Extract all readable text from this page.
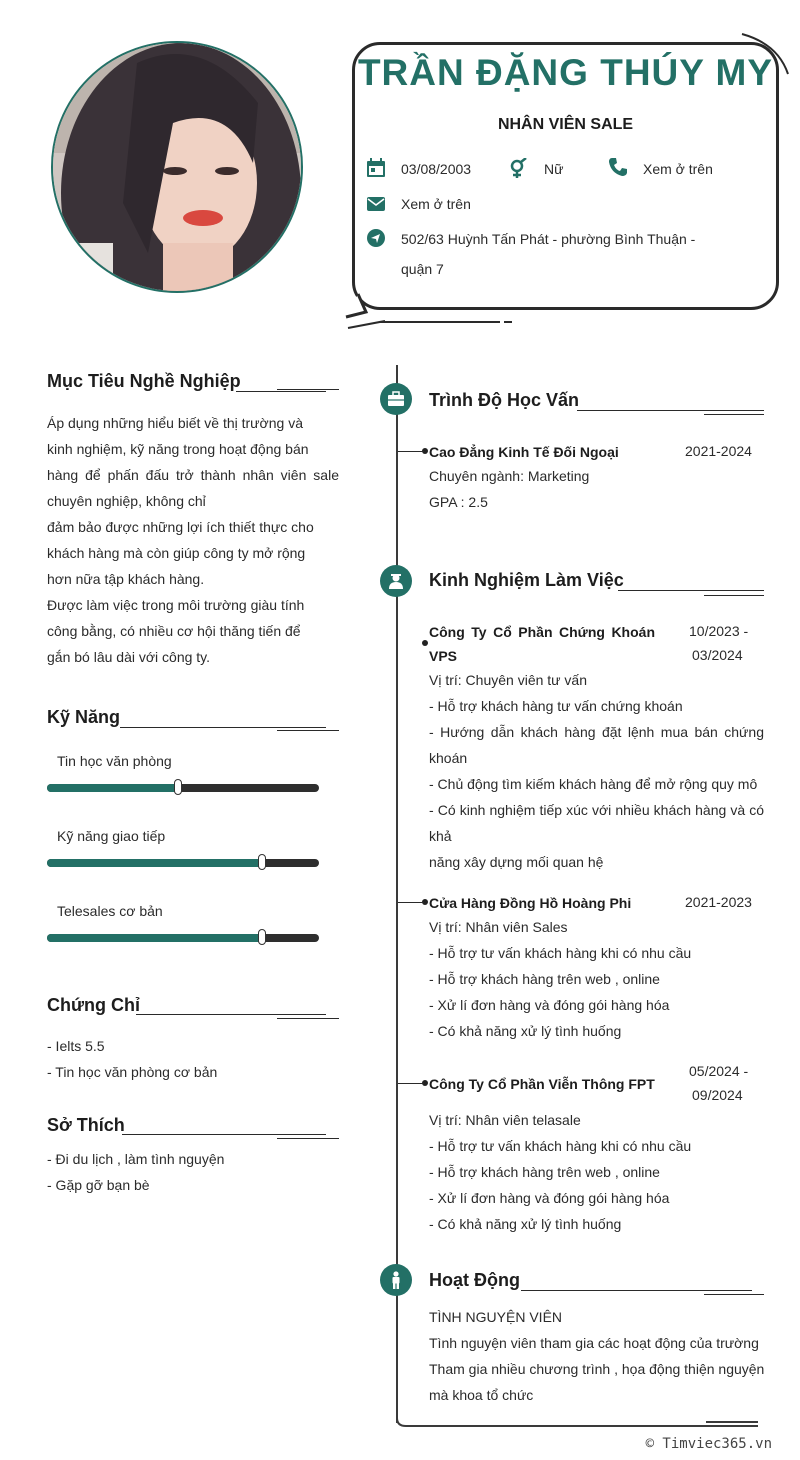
TRẦN ĐẶNG THÚY MY
NHÂN VIÊN SALE
03/08/2003	Nữ	Xem ở trên
Xem ở trên
502/63 Huỳnh Tấn Phát - phường Bình Thuận -
quận 7
Mục Tiêu Nghề Nghiệp
Áp dụng những hiểu biết về thị trường và
kinh nghiệm, kỹ năng trong hoạt động bán
hàng để phấn đấu trở thành nhân viên sale
chuyên nghiệp, không chỉ
đảm bảo được những lợi ích thiết thực cho
khách hàng mà còn giúp công ty mở rộng
hơn nữa tập khách hàng.
Được làm việc trong môi trường giàu tính
công bằng, có nhiều cơ hội thăng tiến để
gắn bó lâu dài với công ty.
Kỹ Năng
Tin học văn phòng
Kỹ năng giao tiếp
Telesales cơ bản
Chứng Chỉ
- Ielts 5.5
- Tin học văn phòng cơ bản
Sở Thích
- Đi du lịch , làm tình nguyện
- Gặp gỡ bạn bè
Trình Độ Học Vấn
Cao Đẳng Kinh Tế Đối Ngoại	2021-2024
Chuyên ngành: Marketing
GPA : 2.5
Kinh Nghiệm Làm Việc
Công Ty Cổ Phần Chứng Khoán
VPS
10/2023 -
03/2024
Vị trí: Chuyên viên tư vấn
- Hỗ trợ khách hàng tư vấn chứng khoán
- Hướng dẫn khách hàng đặt lệnh mua bán chứng
khoán
- Chủ động tìm kiếm khách hàng để mở rộng quy mô
- Có kinh nghiệm tiếp xúc với nhiều khách hàng và có
khả
năng xây dựng mối quan hệ
Cửa Hàng Đồng Hồ Hoàng Phi	2021-2023
Vị trí: Nhân viên Sales
- Hỗ trợ tư vấn khách hàng khi có nhu cầu
- Hỗ trợ khách hàng trên web , online
- Xử lí đơn hàng và đóng gói hàng hóa
- Có khả năng xử lý tình huống
Công Ty Cổ Phần Viễn Thông FPT
05/2024 -
09/2024
Vị trí: Nhân viên telasale
- Hỗ trợ tư vấn khách hàng khi có nhu cầu
- Hỗ trợ khách hàng trên web , online
- Xử lí đơn hàng và đóng gói hàng hóa
- Có khả năng xử lý tình huống
Hoạt Động
TÌNH NGUYỆN VIÊN
Tình nguyện viên tham gia các hoạt động của trường
Tham gia nhiều chương trình , họa động thiện nguyện
mà khoa tổ chức
© Timviec365.vn
